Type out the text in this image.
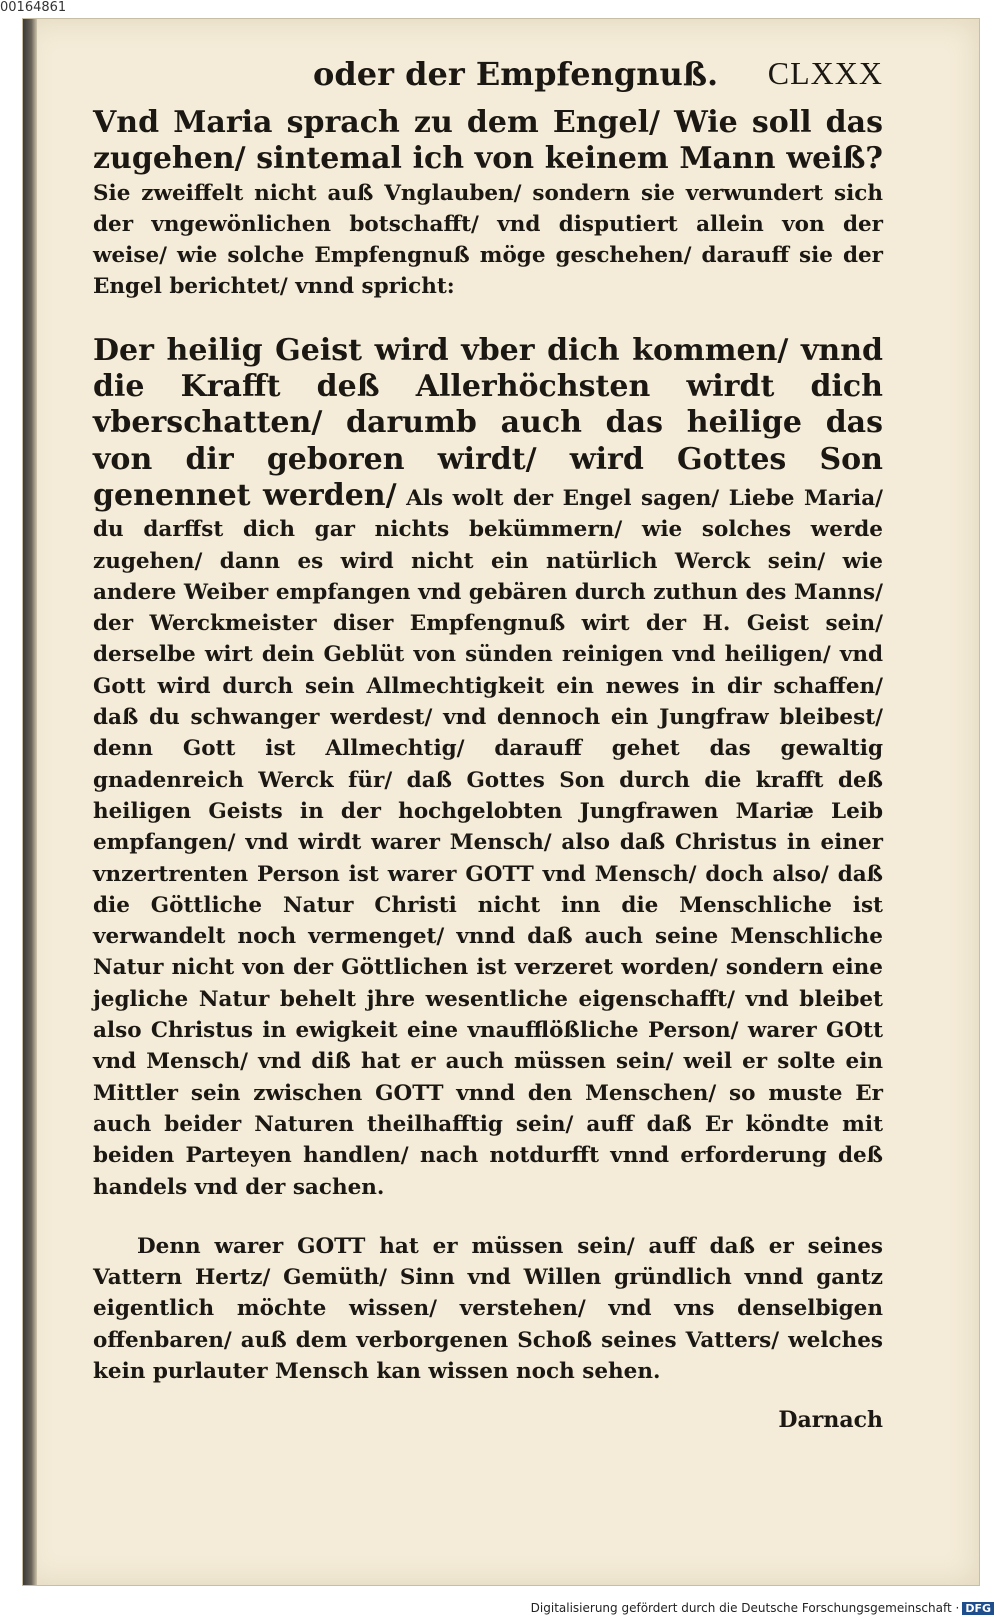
00164861
oder der Empfengnuß. CLXXX

Vnd Maria sprach zu dem Engel/ Wie soll das zugehen/ sintemal ich von keinem Mann weiß? Sie zweiffelt nicht auß Vnglauben/ sondern sie verwundert sich der vngewönlichen botschafft/ vnd disputiert allein von der weise/ wie solche Empfengnuß möge geschehen/ darauff sie der Engel berichtet/ vnnd spricht:

Der heilig Geist wird vber dich kommen/ vnnd die Krafft deß Allerhöchsten wirdt dich vberschatten/ darumb auch das heilige das von dir geboren wirdt/ wird Gottes Son genennet werden/ Als wolt der Engel sagen/ Liebe Maria/ du darffst dich gar nichts bekümmern/ wie solches werde zugehen/ dann es wird nicht ein natürlich Werck sein/ wie andere Weiber empfangen vnd gebären durch zuthun des Manns/ der Werckmeister diser Empfengnuß wirt der H. Geist sein/ derselbe wirt dein Geblüt von sünden reinigen vnd heiligen/ vnd Gott wird durch sein Allmechtigkeit ein newes in dir schaffen/ daß du schwanger werdest/ vnd dennoch ein Jungfraw bleibest/ denn Gott ist Allmechtig/ darauff gehet das gewaltig gnadenreich Werck für/ daß Gottes Son durch die krafft deß heiligen Geists in der hochgelobten Jungfrawen Mariæ Leib empfangen/ vnd wirdt warer Mensch/ also daß Christus in einer vnzertrenten Person ist warer GOTT vnd Mensch/ doch also/ daß die Göttliche Natur Christi nicht inn die Menschliche ist verwandelt noch vermenget/ vnnd daß auch seine Menschliche Natur nicht von der Göttlichen ist verzeret worden/ sondern eine jegliche Natur behelt jhre wesentliche eigenschafft/ vnd bleibet also Christus in ewigkeit eine vnaufflößliche Person/ warer GOtt vnd Mensch/ vnd diß hat er auch müssen sein/ weil er solte ein Mittler sein zwischen GOTT vnnd den Menschen/ so muste Er auch beider Naturen theilhafftig sein/ auff daß Er köndte mit beiden Parteyen handlen/ nach notdurfft vnnd erforderung deß handels vnd der sachen.

Denn warer GOTT hat er müssen sein/ auff daß er seines Vattern Hertz/ Gemüth/ Sinn vnd Willen gründlich vnnd gantz eigentlich möchte wissen/ verstehen/ vnd vns denselbigen offenbaren/ auß dem verborgenen Schoß seines Vatters/ welches kein purlauter Mensch kan wissen noch sehen.

Darnach
Digitalisierung gefördert durch die Deutsche Forschungsgemeinschaft · DFG
